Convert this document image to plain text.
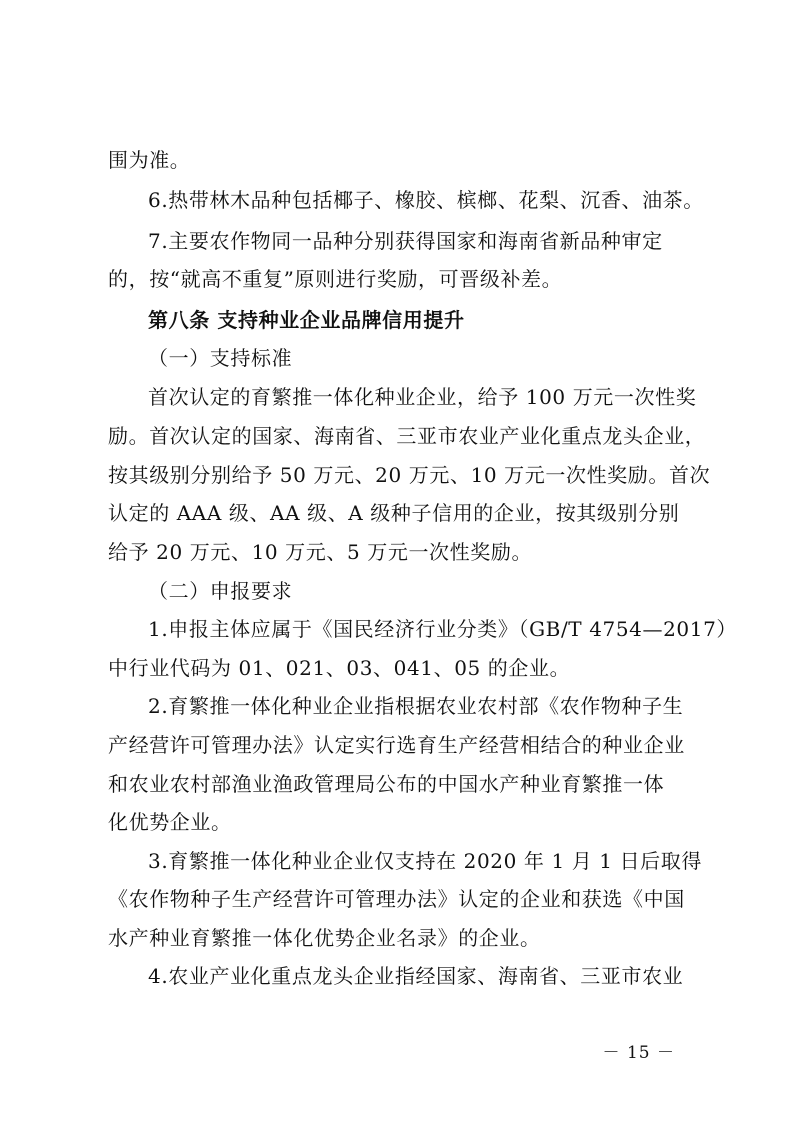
围为准。
6.热带林木品种包括椰子、橡胶、槟榔、花梨、沉香、油茶。
7.主要农作物同一品种分别获得国家和海南省新品种审定
的，按“就高不重复”原则进行奖励，可晋级补差。
第八条 支持种业企业品牌信用提升
（一）支持标准
首次认定的育繁推一体化种业企业，给予 100 万元一次性奖
励。首次认定的国家、海南省、三亚市农业产业化重点龙头企业，
按其级别分别给予 50 万元、20 万元、10 万元一次性奖励。首次
认定的 AAA 级、AA 级、A 级种子信用的企业，按其级别分别
给予 20 万元、10 万元、5 万元一次性奖励。
（二）申报要求
1.申报主体应属于《国民经济行业分类》（GB/T 4754—2017）
中行业代码为 01、021、03、041、05 的企业。
2.育繁推一体化种业企业指根据农业农村部《农作物种子生
产经营许可管理办法》认定实行选育生产经营相结合的种业企业
和农业农村部渔业渔政管理局公布的中国水产种业育繁推一体
化优势企业。
3.育繁推一体化种业企业仅支持在 2020 年 1 月 1 日后取得
《农作物种子生产经营许可管理办法》认定的企业和获选《中国
水产种业育繁推一体化优势企业名录》的企业。
4.农业产业化重点龙头企业指经国家、海南省、三亚市农业
－ 15 －
